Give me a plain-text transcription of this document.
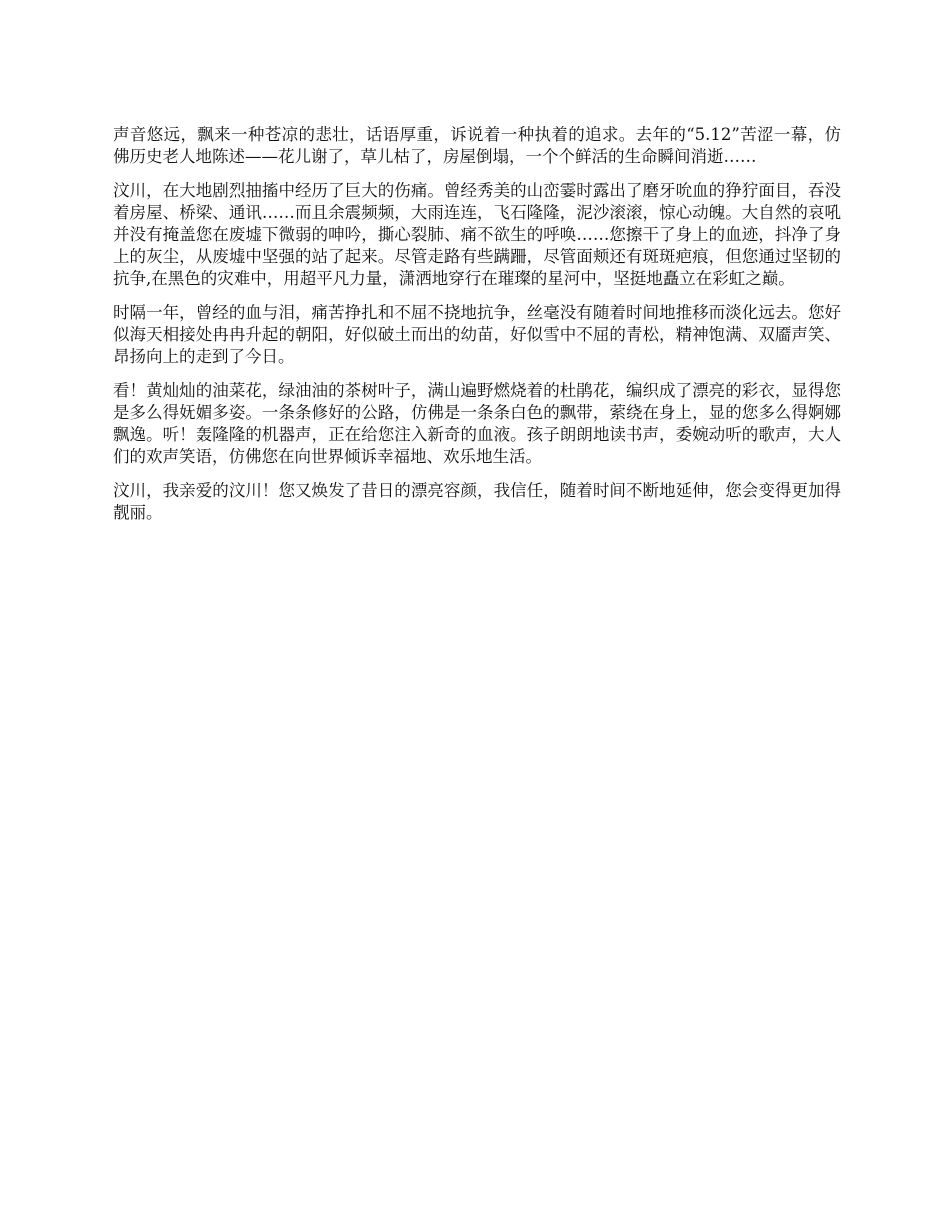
声音悠远，飘来一种苍凉的悲壮，话语厚重，诉说着一种执着的追求。去年的“5.12”苦涩一幕，仿佛历史老人地陈述——花儿谢了，草儿枯了，房屋倒塌，一个个鲜活的生命瞬间消逝……

汶川，在大地剧烈抽搐中经历了巨大的伤痛。曾经秀美的山峦霎时露出了磨牙吮血的狰狞面目，吞没着房屋、桥梁、通讯……而且余震频频，大雨连连，飞石隆隆，泥沙滚滚，惊心动魄。大自然的哀吼并没有掩盖您在废墟下微弱的呻吟，撕心裂肺、痛不欲生的呼唤……您擦干了身上的血迹，抖净了身上的灰尘，从废墟中坚强的站了起来。尽管走路有些蹒跚，尽管面颊还有斑斑疤痕，但您通过坚韧的抗争,在黑色的灾难中，用超平凡力量，潇洒地穿行在璀璨的星河中，坚挺地矗立在彩虹之巅。

时隔一年，曾经的血与泪，痛苦挣扎和不屈不挠地抗争，丝毫没有随着时间地推移而淡化远去。您好似海天相接处冉冉升起的朝阳，好似破土而出的幼苗，好似雪中不屈的青松，精神饱满、双靥声笑、昂扬向上的走到了今日。

看！黄灿灿的油菜花，绿油油的茶树叶子，满山遍野燃烧着的杜鹃花，编织成了漂亮的彩衣，显得您是多么得妩媚多姿。一条条修好的公路，仿佛是一条条白色的飘带，萦绕在身上，显的您多么得婀娜飘逸。听！轰隆隆的机器声，正在给您注入新奇的血液。孩子朗朗地读书声，委婉动听的歌声，大人们的欢声笑语，仿佛您在向世界倾诉幸福地、欢乐地生活。

汶川，我亲爱的汶川！您又焕发了昔日的漂亮容颜，我信任，随着时间不断地延伸，您会变得更加得靓丽。
